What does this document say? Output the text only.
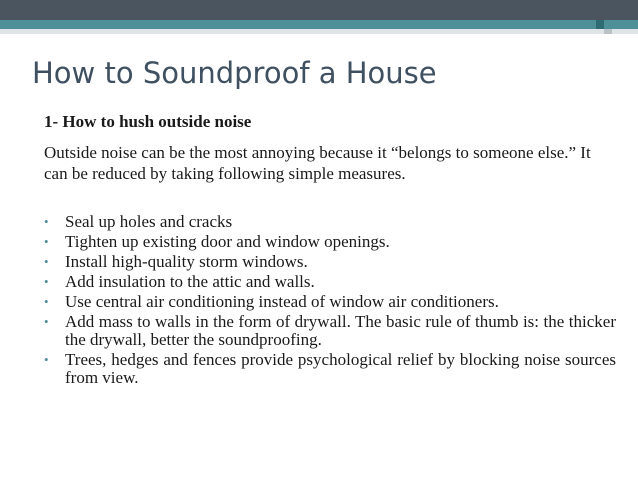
How to Soundproof a House
1- How to hush outside noise
Outside noise can be the most annoying because it “belongs to someone else.” It can be reduced by taking following simple measures.
• Seal up holes and cracks
• Tighten up existing door and window openings.
• Install high-quality storm windows.
• Add insulation to the attic and walls.
• Use central air conditioning instead of window air conditioners.
• Add mass to walls in the form of drywall. The basic rule of thumb is: the thicker the drywall, better the soundproofing.
• Trees, hedges and fences provide psychological relief by blocking noise sources from view.
